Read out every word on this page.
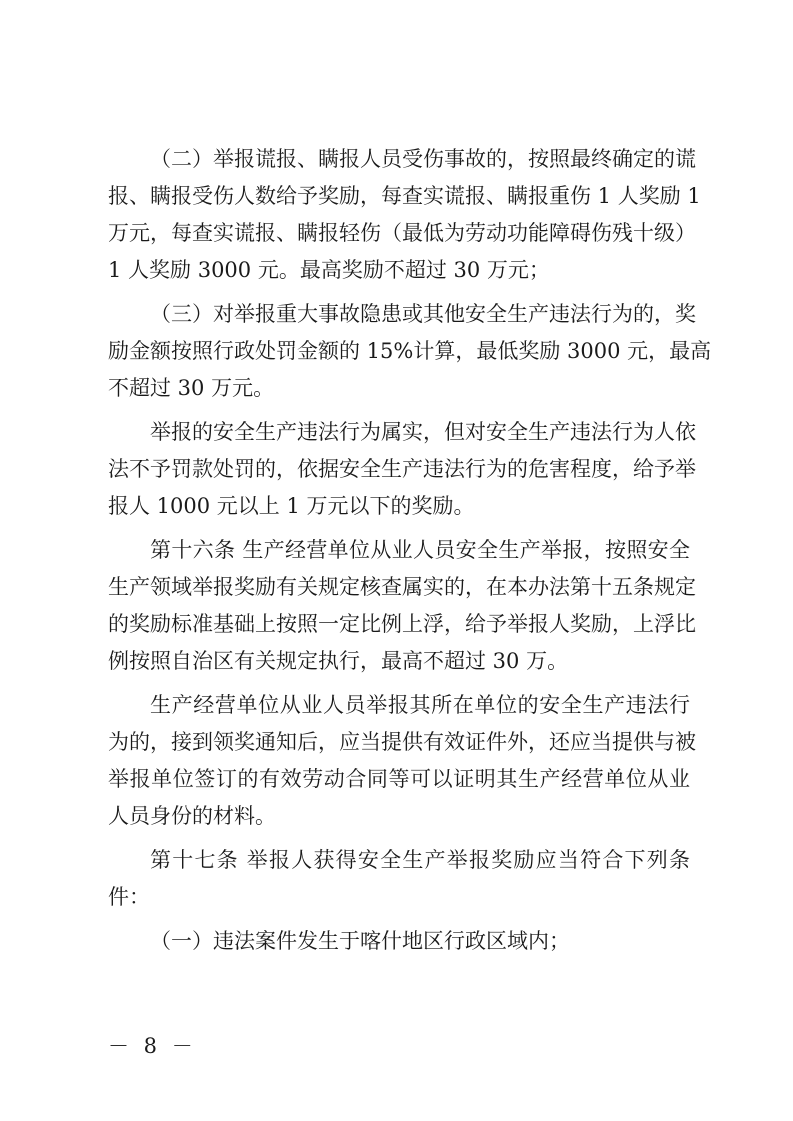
（二）举报谎报、瞒报人员受伤事故的，按照最终确定的谎
报、瞒报受伤人数给予奖励，每查实谎报、瞒报重伤 1 人奖励 1
万元，每查实谎报、瞒报轻伤（最低为劳动功能障碍伤残十级）
1 人奖励 3000 元。最高奖励不超过 30 万元；

（三）对举报重大事故隐患或其他安全生产违法行为的，奖
励金额按照行政处罚金额的 15%计算，最低奖励 3000 元，最高
不超过 30 万元。

举报的安全生产违法行为属实，但对安全生产违法行为人依
法不予罚款处罚的，依据安全生产违法行为的危害程度，给予举
报人 1000 元以上 1 万元以下的奖励。

第十六条 生产经营单位从业人员安全生产举报，按照安全
生产领域举报奖励有关规定核查属实的，在本办法第十五条规定
的奖励标准基础上按照一定比例上浮，给予举报人奖励，上浮比
例按照自治区有关规定执行，最高不超过 30 万。

生产经营单位从业人员举报其所在单位的安全生产违法行
为的，接到领奖通知后，应当提供有效证件外，还应当提供与被
举报单位签订的有效劳动合同等可以证明其生产经营单位从业
人员身份的材料。

第十七条 举报人获得安全生产举报奖励应当符合下列条
件：

（一）违法案件发生于喀什地区行政区域内；

－ 8 －
